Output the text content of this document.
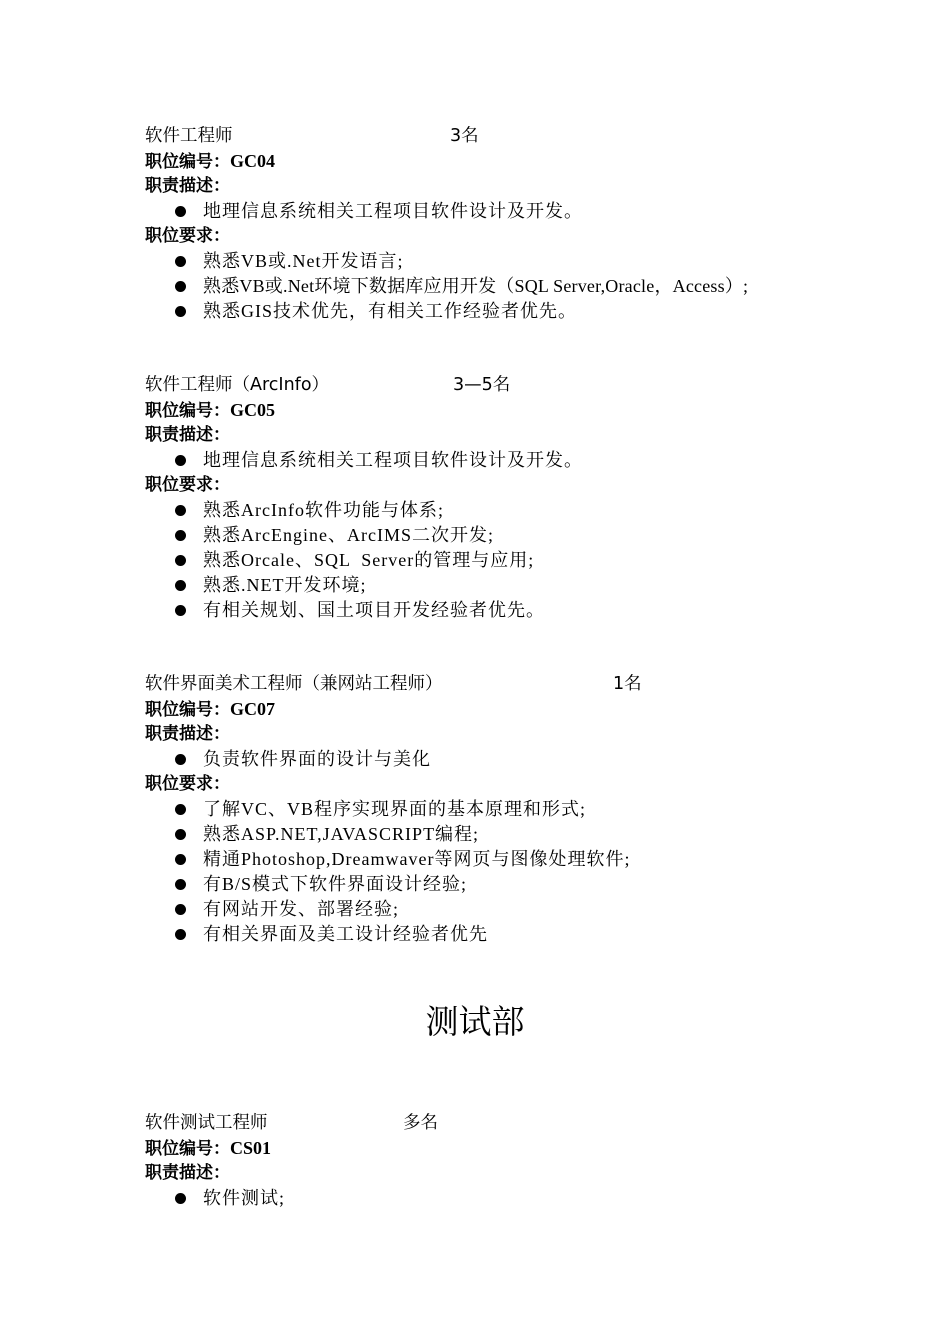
软件工程师	3名
职位编号：GC04
职责描述：
地理信息系统相关工程项目软件设计及开发。
职位要求：
熟悉VB或.Net开发语言;
熟悉VB或.Net环境下数据库应用开发（SQL Server,Oracle，Access）;
熟悉GIS技术优先，有相关工作经验者优先。
软件工程师（ArcInfo）	3—5名
职位编号：GC05
职责描述：
地理信息系统相关工程项目软件设计及开发。
职位要求：
熟悉ArcInfo软件功能与体系;
熟悉ArcEngine、ArcIMS二次开发;
熟悉Orcale、SQL  Server的管理与应用;
熟悉.NET开发环境;
有相关规划、国土项目开发经验者优先。
软件界面美术工程师（兼网站工程师）	1名
职位编号：GC07
职责描述：
负责软件界面的设计与美化
职位要求：
了解VC、VB程序实现界面的基本原理和形式;
熟悉ASP.NET,JAVASCRIPT编程;
精通Photoshop,Dreamwaver等网页与图像处理软件;
有B/S模式下软件界面设计经验;
有网站开发、部署经验;
有相关界面及美工设计经验者优先
测试部
软件测试工程师	多名
职位编号：CS01
职责描述：
软件测试;
